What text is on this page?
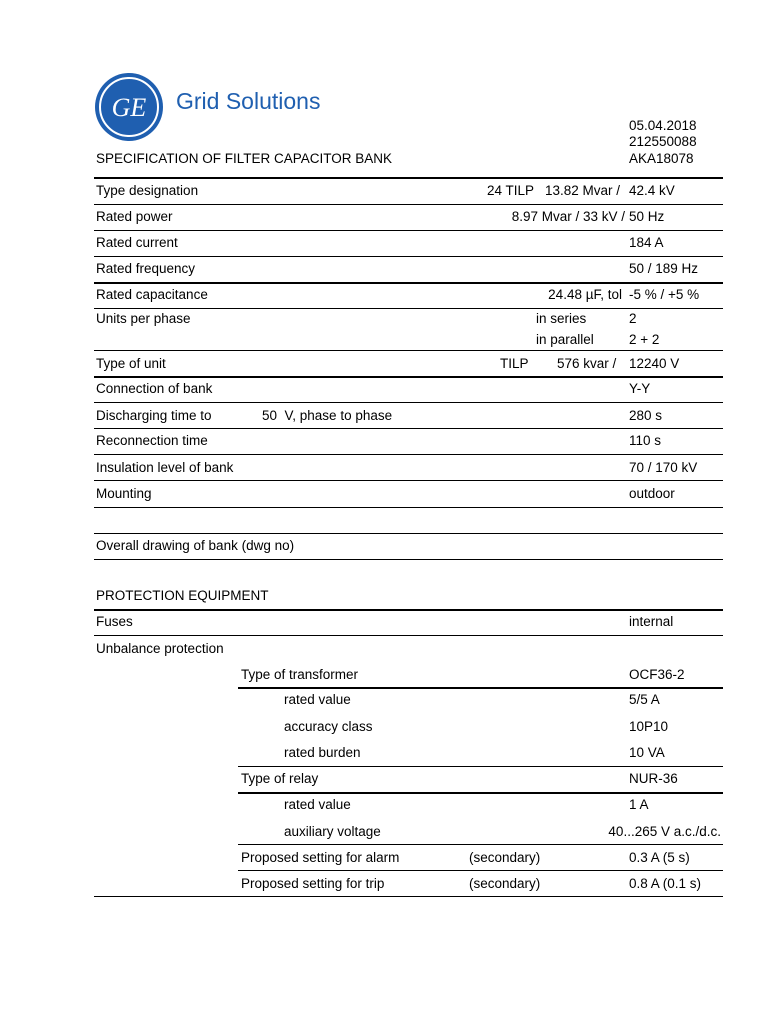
GE Grid Solutions
05.04.2018
212550088
AKA18078
SPECIFICATION OF FILTER CAPACITOR BANK
Type designation	24 TILP 13.82 Mvar / 42.4 kV
Rated power	8.97 Mvar / 33 kV / 50 Hz
Rated current	184 A
Rated frequency	50 / 189 Hz
Rated capacitance	24.48 µF, tol -5 % / +5 %
Units per phase	in series	2
in parallel	2 + 2
Type of unit	TILP 576 kvar / 12240 V
Connection of bank	Y-Y
Discharging time to	50  V, phase to phase	280 s
Reconnection time	110 s
Insulation level of bank	70 / 170 kV
Mounting	outdoor
Overall drawing of bank (dwg no)
PROTECTION EQUIPMENT
Fuses	internal
Unbalance protection
Type of transformer	OCF36-2
rated value	5/5 A
accuracy class	10P10
rated burden	10 VA
Type of relay	NUR-36
rated value	1 A
auxiliary voltage	40...265 V a.c./d.c.
Proposed setting for alarm	(secondary)	0.3 A (5 s)
Proposed setting for trip	(secondary)	0.8 A (0.1 s)
